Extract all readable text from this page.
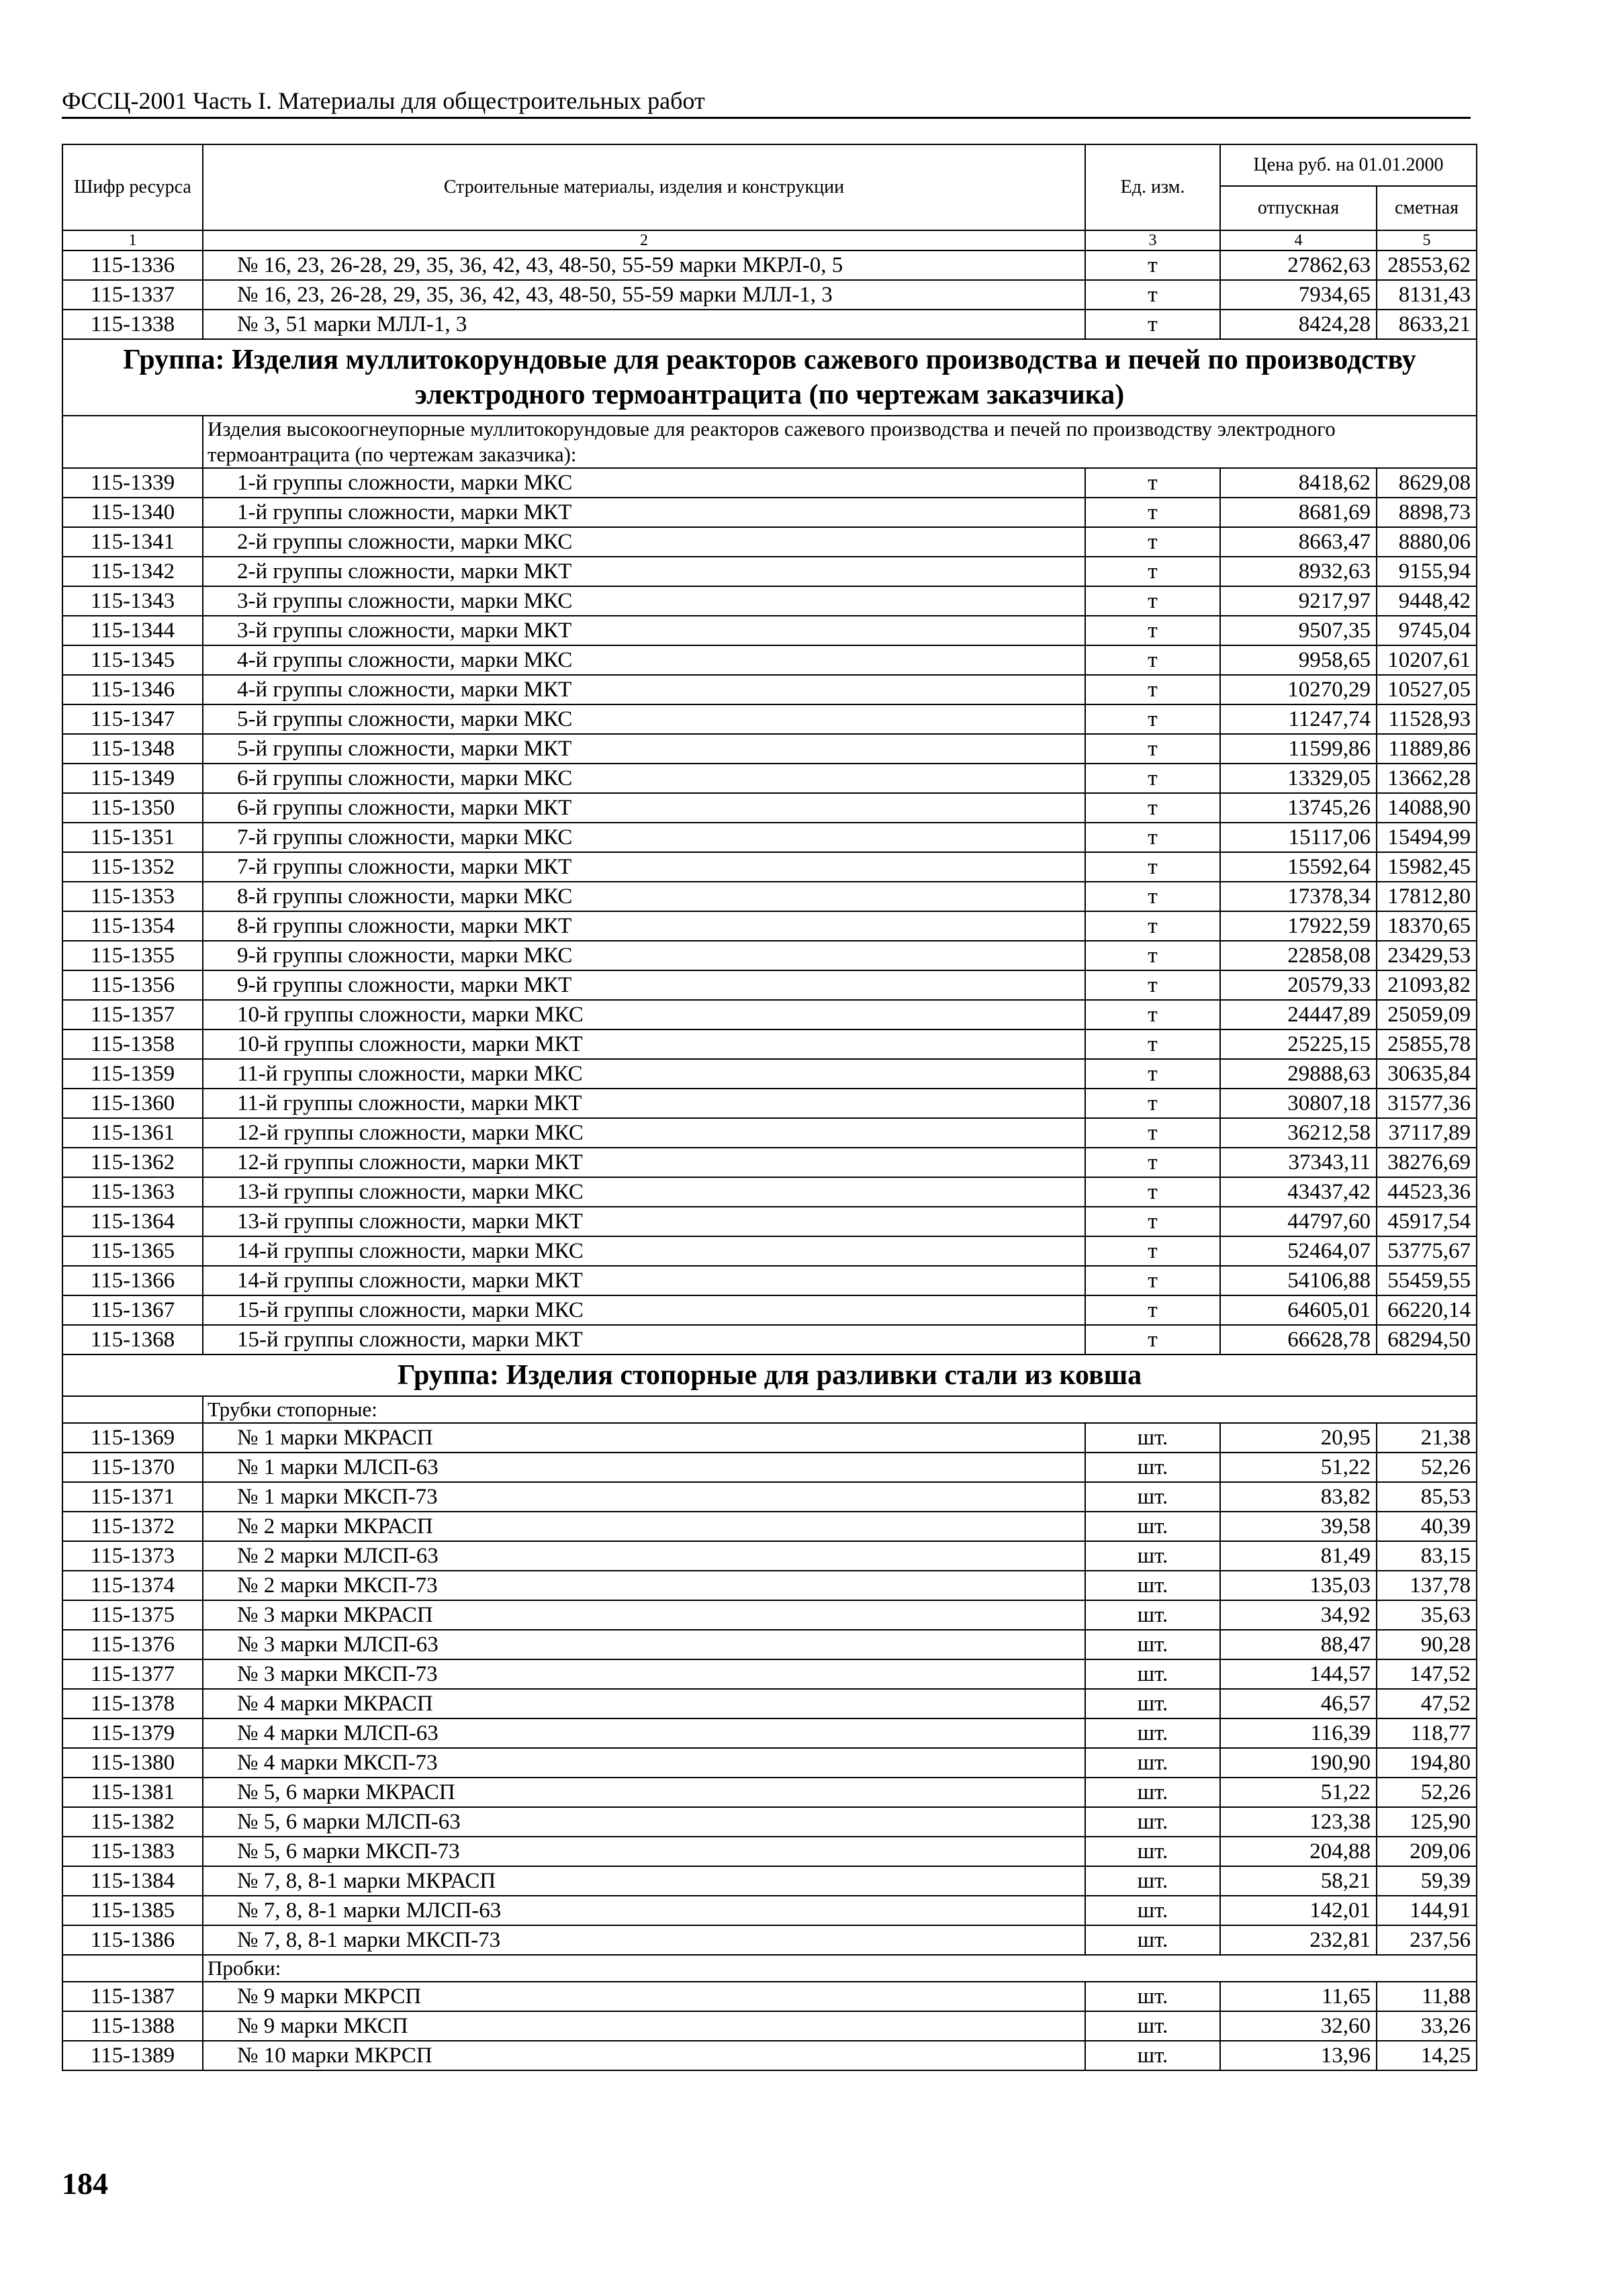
ФССЦ-2001 Часть I. Материалы для общестроительных работ
Шифр ресурса	Строительные материалы, изделия и конструкции	Ед. изм.	Цена руб. на 01.01.2000	
			отпускная	сметная
1	2	3	4	5
115-1336	№ 16, 23, 26-28, 29, 35, 36, 42, 43, 48-50, 55-59 марки МКРЛ-0, 5	т	27862,63	28553,62
115-1337	№ 16, 23, 26-28, 29, 35, 36, 42, 43, 48-50, 55-59 марки МЛЛ-1, 3	т	7934,65	8131,43
115-1338	№ 3, 51 марки МЛЛ-1, 3	т	8424,28	8633,21
Группа: Изделия муллитокорундовые для реакторов сажевого производства и печей по производству электродного термоантрацита (по чертежам заказчика)				
	Изделия высокоогнеупорные муллитокорундовые для реакторов сажевого производства и печей по производству электродного термоантрацита (по чертежам заказчика):			
115-1339	1-й группы сложности, марки МКС	т	8418,62	8629,08
115-1340	1-й группы сложности, марки МКТ	т	8681,69	8898,73
115-1341	2-й группы сложности, марки МКС	т	8663,47	8880,06
115-1342	2-й группы сложности, марки МКТ	т	8932,63	9155,94
115-1343	3-й группы сложности, марки МКС	т	9217,97	9448,42
115-1344	3-й группы сложности, марки МКТ	т	9507,35	9745,04
115-1345	4-й группы сложности, марки МКС	т	9958,65	10207,61
115-1346	4-й группы сложности, марки МКТ	т	10270,29	10527,05
115-1347	5-й группы сложности, марки МКС	т	11247,74	11528,93
115-1348	5-й группы сложности, марки МКТ	т	11599,86	11889,86
115-1349	6-й группы сложности, марки МКС	т	13329,05	13662,28
115-1350	6-й группы сложности, марки МКТ	т	13745,26	14088,90
115-1351	7-й группы сложности, марки МКС	т	15117,06	15494,99
115-1352	7-й группы сложности, марки МКТ	т	15592,64	15982,45
115-1353	8-й группы сложности, марки МКС	т	17378,34	17812,80
115-1354	8-й группы сложности, марки МКТ	т	17922,59	18370,65
115-1355	9-й группы сложности, марки МКС	т	22858,08	23429,53
115-1356	9-й группы сложности, марки МКТ	т	20579,33	21093,82
115-1357	10-й группы сложности, марки МКС	т	24447,89	25059,09
115-1358	10-й группы сложности, марки МКТ	т	25225,15	25855,78
115-1359	11-й группы сложности, марки МКС	т	29888,63	30635,84
115-1360	11-й группы сложности, марки МКТ	т	30807,18	31577,36
115-1361	12-й группы сложности, марки МКС	т	36212,58	37117,89
115-1362	12-й группы сложности, марки МКТ	т	37343,11	38276,69
115-1363	13-й группы сложности, марки МКС	т	43437,42	44523,36
115-1364	13-й группы сложности, марки МКТ	т	44797,60	45917,54
115-1365	14-й группы сложности, марки МКС	т	52464,07	53775,67
115-1366	14-й группы сложности, марки МКТ	т	54106,88	55459,55
115-1367	15-й группы сложности, марки МКС	т	64605,01	66220,14
115-1368	15-й группы сложности, марки МКТ	т	66628,78	68294,50
Группа: Изделия стопорные для разливки стали из ковша				
	Трубки стопорные:			
115-1369	№ 1 марки МКРАСП	шт.	20,95	21,38
115-1370	№ 1 марки МЛСП-63	шт.	51,22	52,26
115-1371	№ 1 марки МКСП-73	шт.	83,82	85,53
115-1372	№ 2 марки МКРАСП	шт.	39,58	40,39
115-1373	№ 2 марки МЛСП-63	шт.	81,49	83,15
115-1374	№ 2 марки МКСП-73	шт.	135,03	137,78
115-1375	№ 3 марки МКРАСП	шт.	34,92	35,63
115-1376	№ 3 марки МЛСП-63	шт.	88,47	90,28
115-1377	№ 3 марки МКСП-73	шт.	144,57	147,52
115-1378	№ 4 марки МКРАСП	шт.	46,57	47,52
115-1379	№ 4 марки МЛСП-63	шт.	116,39	118,77
115-1380	№ 4 марки МКСП-73	шт.	190,90	194,80
115-1381	№ 5, 6 марки МКРАСП	шт.	51,22	52,26
115-1382	№ 5, 6 марки МЛСП-63	шт.	123,38	125,90
115-1383	№ 5, 6 марки МКСП-73	шт.	204,88	209,06
115-1384	№ 7, 8, 8-1 марки МКРАСП	шт.	58,21	59,39
115-1385	№ 7, 8, 8-1 марки МЛСП-63	шт.	142,01	144,91
115-1386	№ 7, 8, 8-1 марки МКСП-73	шт.	232,81	237,56
	Пробки:			
115-1387	№ 9 марки МКРСП	шт.	11,65	11,88
115-1388	№ 9 марки МКСП	шт.	32,60	33,26
115-1389	№ 10 марки МКРСП	шт.	13,96	14,25
184
